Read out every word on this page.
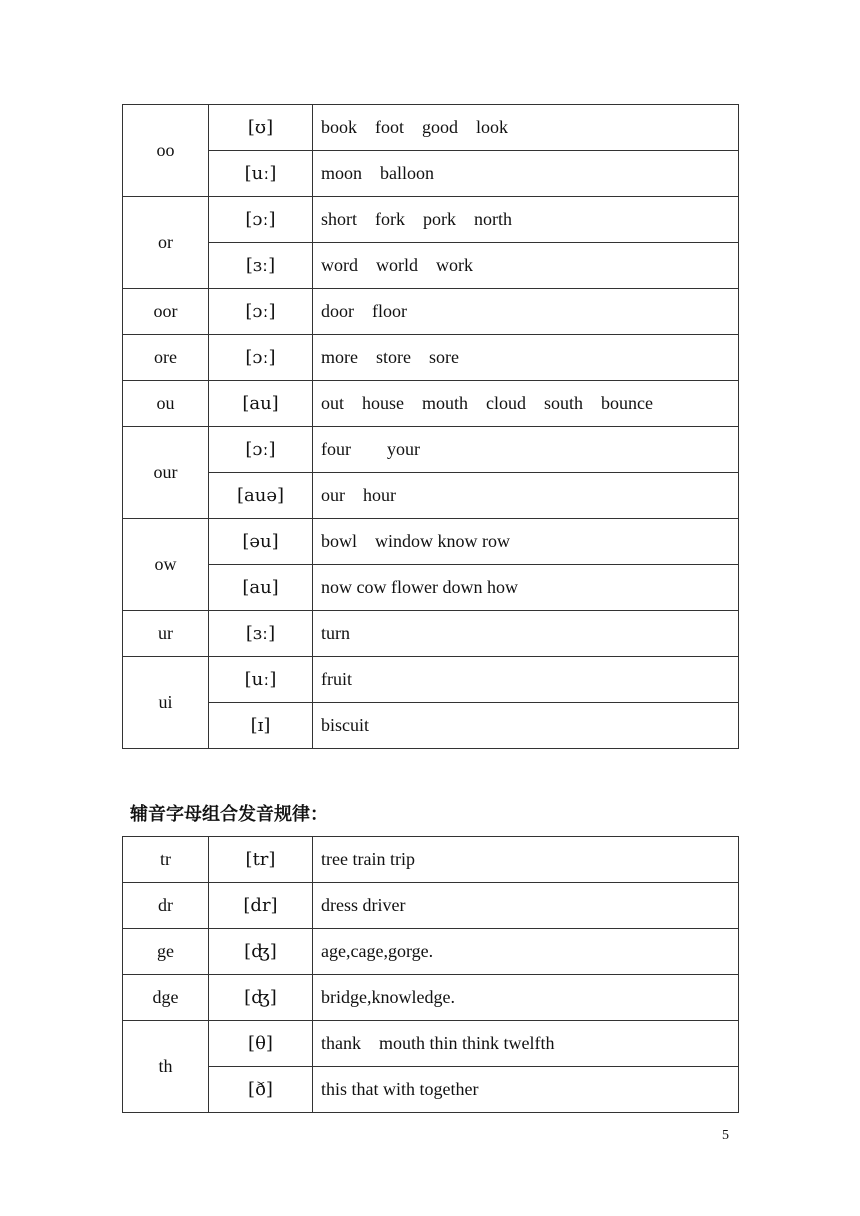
oo	[ʊ]	book    foot    good    look
	[uː]	moon    balloon
or	[ɔː]	short    fork    pork    north
	[ɜː]	word    world    work
oor	[ɔː]	door    floor
ore	[ɔː]	more    store    sore
ou	[au]	out    house    mouth    cloud    south    bounce
our	[ɔː]	four        your
	[auə]	our    hour
ow	[əu]	bowl    window know row
	[au]	now cow flower down how
ur	[ɜː]	turn
ui	[uː]	fruit
	[ɪ]	biscuit
辅音字母组合发音规律：
tr	[tr]	tree train trip
dr	[dr]	dress driver
ge	[ʤ]	age,cage,gorge.
dge	[ʤ]	bridge,knowledge.
th	[θ]	thank    mouth thin think twelfth
	[ð]	this that with together
5
